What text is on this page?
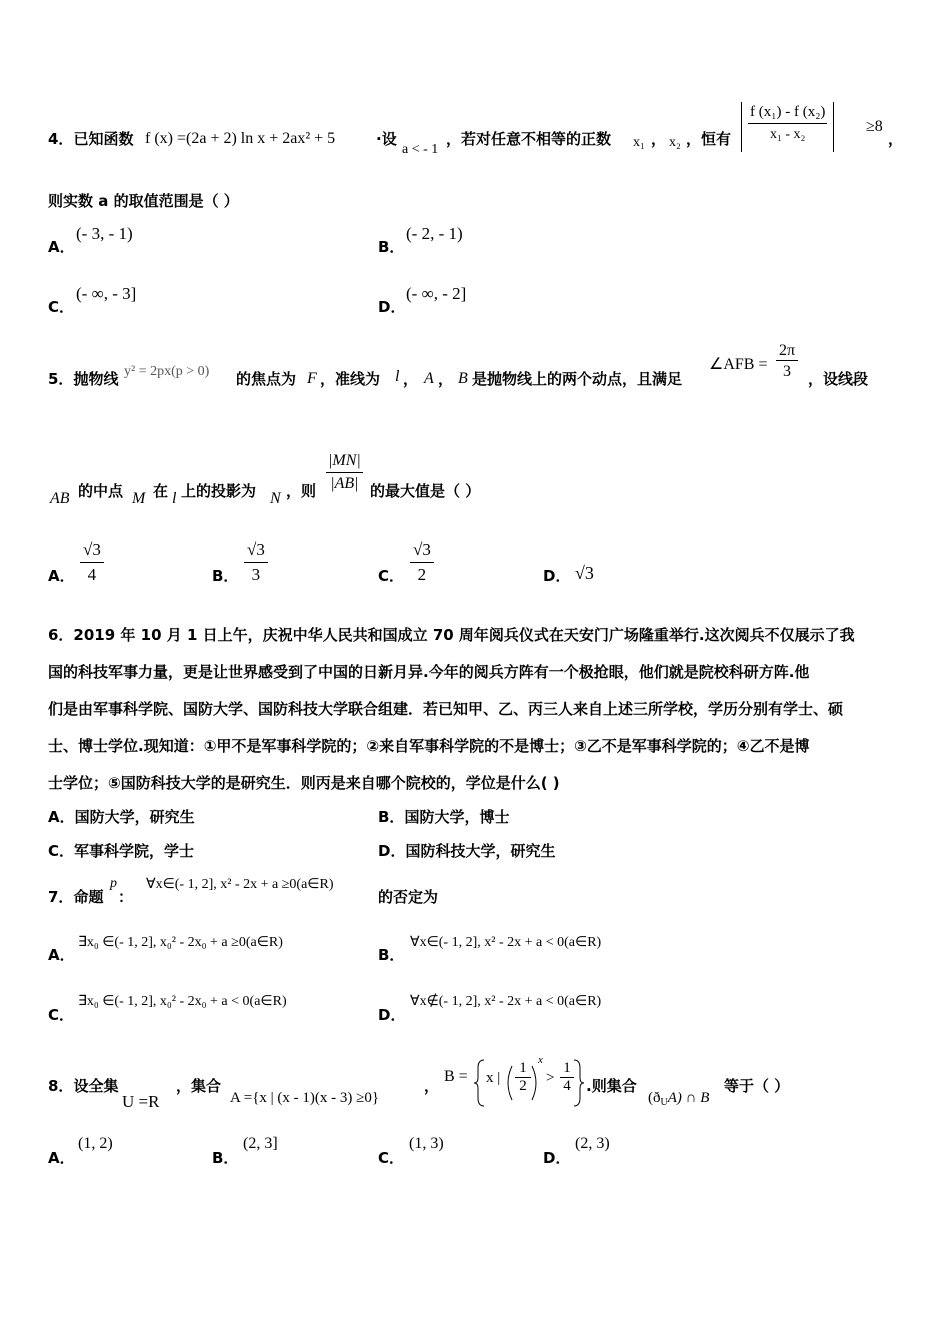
4．已知函数 f (x) =(2a + 2) ln x + 2ax² + 5	·设
a < - 1
，若对任意不相等的正数 x₁ ， x₂ ，恒有 $\frac{\text{f (x₁) - f (x₂)}}{\text{x₁ - x₂}} \ge 8$
，
则实数 a 的取值范围是（ ）
A．
(- 3, - 1)
B．
(- 2, - 1)
C．
(- ∞, - 3]
D．
(- ∞, - 2]
5．抛物线 y² = 2px(p > 0) 的焦点为 F ，准线为 l ， A ， B 是抛物线上的两个动点，且满足
∠AFB = $\frac{2\pi}{3}$ ，设线段
AB 的中点 M 在 l 上的投影为 N ，则
|MN|
|AB| 的最大值是（ ）
A． $\frac{√3}{4}$	B． $\frac{√3}{3}$	C． $\frac{√3}{2}$	D． √3
6．2019 年 10 月 1 日上午，庆祝中华人民共和国成立 70 周年阅兵仪式在天安门广场隆重举行.这次阅兵不仅展示了我
国的科技军事力量，更是让世界感受到了中国的日新月异.今年的阅兵方阵有一个极抢眼，他们就是院校科研方阵.他
们是由军事科学院、国防大学、国防科技大学联合组建．若已知甲、乙、丙三人来自上述三所学校，学历分别有学士、硕
士、博士学位.现知道：①甲不是军事科学院的；②来自军事科学院的不是博士；③乙不是军事科学院的；④乙不是博
士学位；⑤国防科技大学的是研究生．则丙是来自哪个院校的，学位是什么( )
A．国防大学，研究生	B．国防大学，博士
C．军事科学院，学士	D．国防科技大学，研究生
7．命题
p
：
∀x∈(- 1, 2], x² - 2x + a ≥0(a∈R)
的否定为
A．
∃x₀ ∈(- 1, 2], x₀² - 2x₀ + a ≥0(a∈R)
B．
∀x∈(- 1, 2], x² - 2x + a < 0(a∈R)
C．
∃x₀ ∈(- 1, 2], x₀² - 2x₀ + a < 0(a∈R)
D．
∀x∉(- 1, 2], x² - 2x + a < 0(a∈R)
8．设全集
U =R
，集合
A ={x | (x - 1)(x - 3) ≥0}
，
B = x | $\frac{1}{2}$ x
> $\frac{1}{4}$ .则集合
$(ð_UA)$ ∩ B
等于（ ）
A．
(1, 2)
B．
(2, 3]
C．
(1, 3)
D．
(2, 3)
